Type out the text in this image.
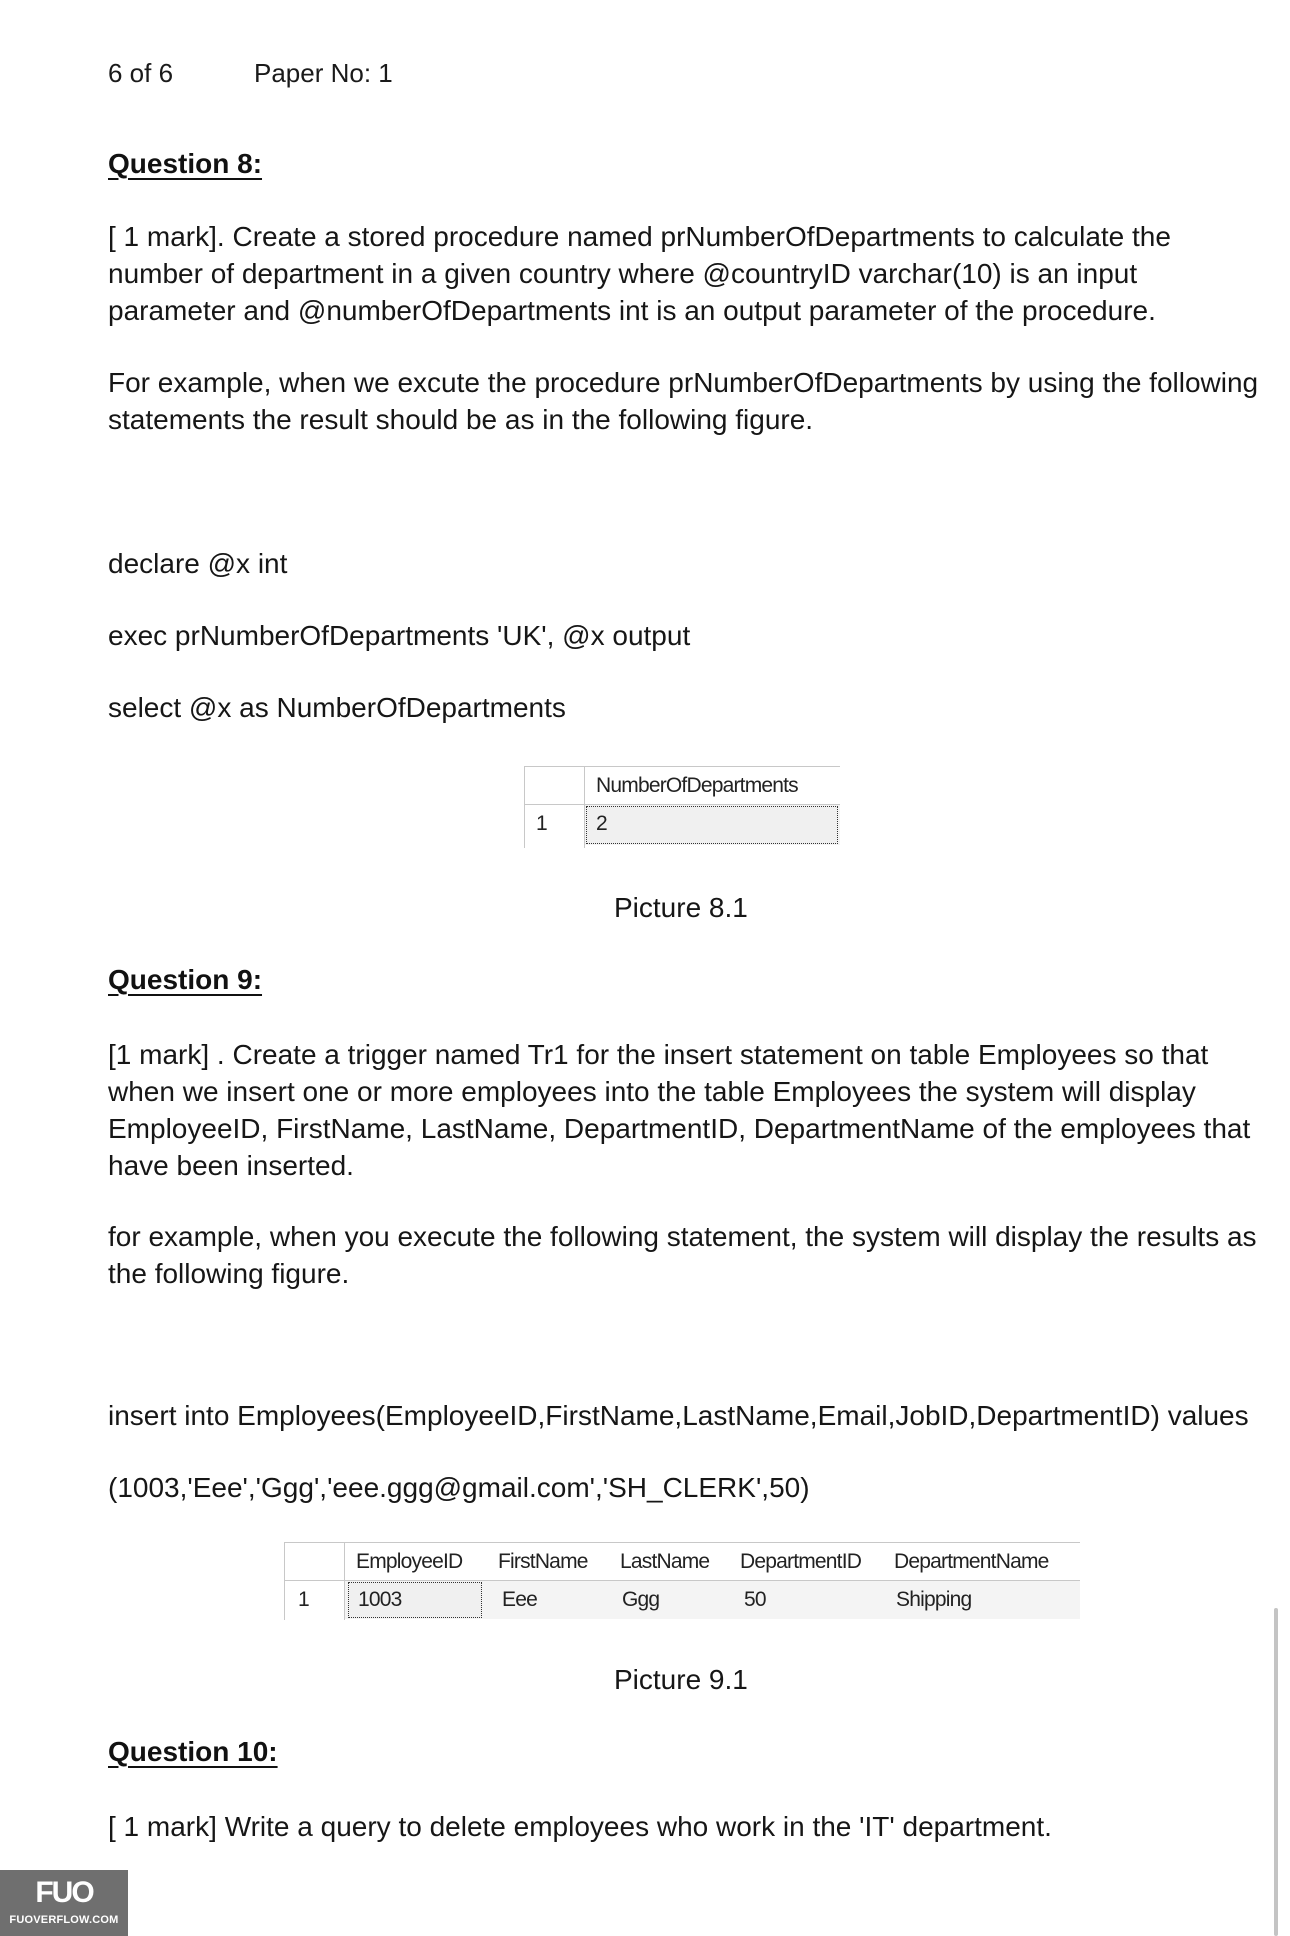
6 of 6	Paper No: 1
Question 8:
[ 1 mark]. Create a stored procedure named prNumberOfDepartments to calculate the number of department in a given country where @countryID varchar(10) is an input parameter and @numberOfDepartments int is an output parameter of the procedure.
For example, when we excute the procedure prNumberOfDepartments by using the following statements the result should be as in the following figure.
declare @x int
exec prNumberOfDepartments 'UK', @x output
select @x as NumberOfDepartments
NumberOfDepartments
1 2
Picture 8.1
Question 9:
[1 mark] . Create a trigger named Tr1 for the insert statement on table Employees so that when we insert one or more employees into the table Employees the system will display EmployeeID, FirstName, LastName, DepartmentID, DepartmentName of the employees that have been inserted.
for example, when you execute the following statement, the system will display the results as the following figure.
insert into Employees(EmployeeID,FirstName,LastName,Email,JobID,DepartmentID) values
(1003,'Eee','Ggg','eee.ggg@gmail.com','SH_CLERK',50)
EmployeeID FirstName LastName DepartmentID DepartmentName
1 1003	Eee	Ggg	50	Shipping
Picture 9.1
Question 10:
[ 1 mark] Write a query to delete employees who work in the 'IT' department.
FUO
FUOVERFLOW.COM
